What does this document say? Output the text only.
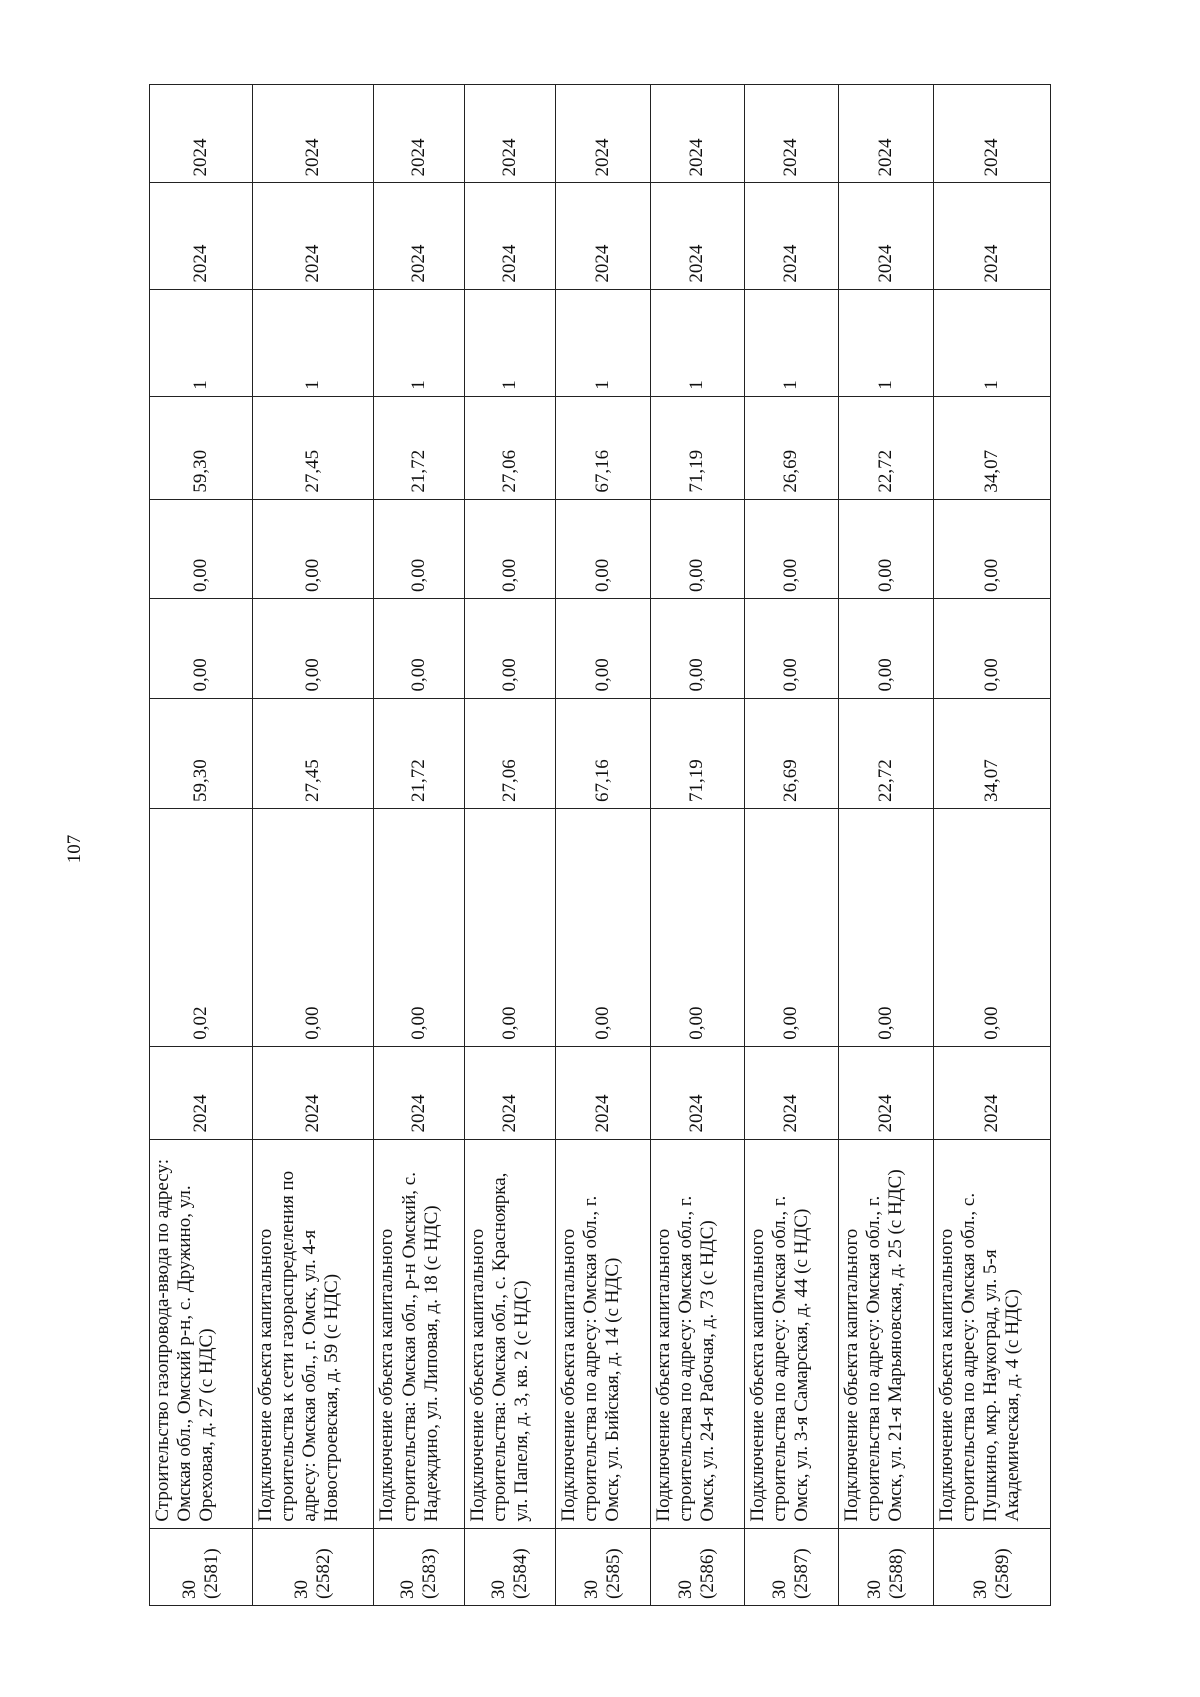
107
30
(2581)	Строительство газопровода-ввода по адресу: Омская обл., Омский р-н, с. Дружино, ул. Ореховая, д. 27 (с НДС)	2024	0,02	59,30	0,00	0,00	59,30	1	2024	2024
30
(2582)	Подключение объекта капитального строительства к сети газораспределения по адресу: Омская обл., г. Омск, ул. 4-я Новостроевская, д. 59 (с НДС)	2024	0,00	27,45	0,00	0,00	27,45	1	2024	2024
30
(2583)	Подключение объекта капитального строительства: Омская обл., р-н Омский, с. Надеждино, ул. Липовая, д. 18 (с НДС)	2024	0,00	21,72	0,00	0,00	21,72	1	2024	2024
30
(2584)	Подключение объекта капитального строительства: Омская обл., с. Красноярка, ул. Папеля, д. 3, кв. 2 (с НДС)	2024	0,00	27,06	0,00	0,00	27,06	1	2024	2024
30
(2585)	Подключение объекта капитального строительства по адресу: Омская обл., г. Омск, ул. Бийская, д. 14 (с НДС)	2024	0,00	67,16	0,00	0,00	67,16	1	2024	2024
30
(2586)	Подключение объекта капитального строительства по адресу: Омская обл., г. Омск, ул. 24-я Рабочая, д. 73 (с НДС)	2024	0,00	71,19	0,00	0,00	71,19	1	2024	2024
30
(2587)	Подключение объекта капитального строительства по адресу: Омская обл., г. Омск, ул. 3-я Самарская, д. 44 (с НДС)	2024	0,00	26,69	0,00	0,00	26,69	1	2024	2024
30
(2588)	Подключение объекта капитального строительства по адресу: Омская обл., г. Омск, ул. 21-я Марьяновская, д. 25 (с НДС)	2024	0,00	22,72	0,00	0,00	22,72	1	2024	2024
30
(2589)	Подключение объекта капитального строительства по адресу: Омская обл., с. Пушкино, мкр. Наукоград, ул. 5-я Академическая, д. 4 (с НДС)	2024	0,00	34,07	0,00	0,00	34,07	1	2024	2024
